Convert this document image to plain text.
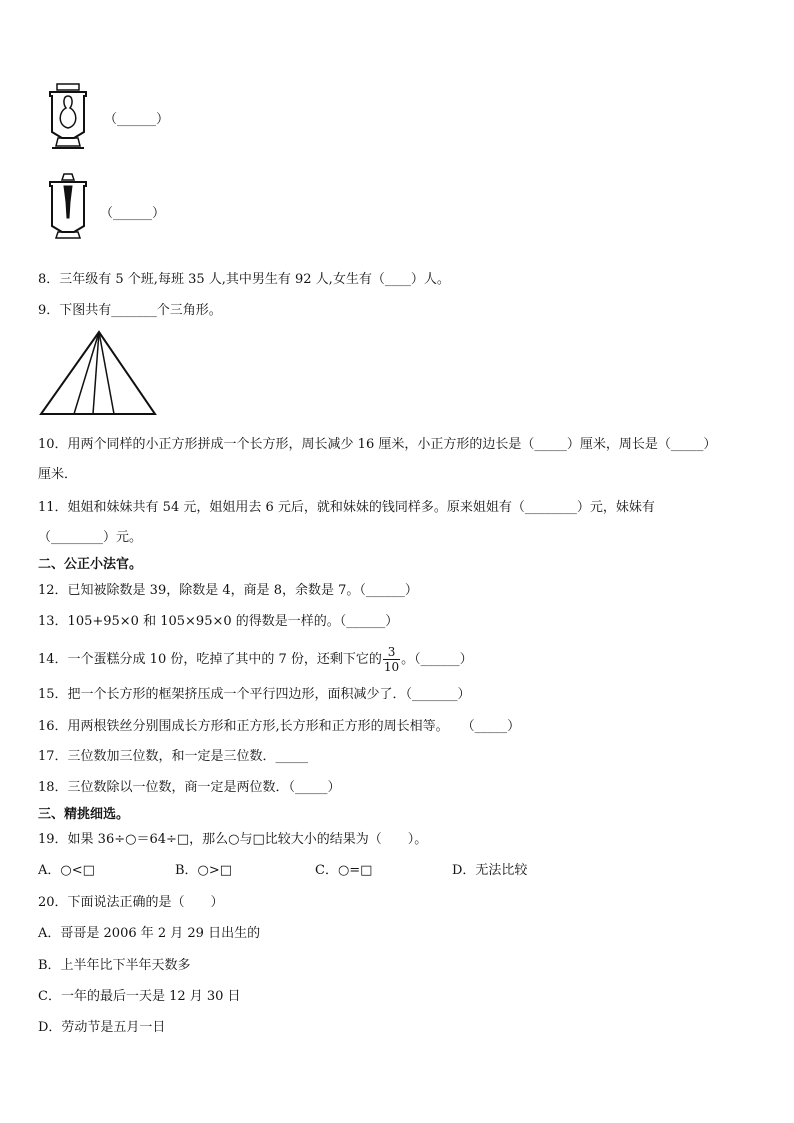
（______）
（______）
8．三年级有 5 个班,每班 35 人,其中男生有 92 人,女生有（____）人。
9．下图共有_______个三角形。
10．用两个同样的小正方形拼成一个长方形，周长减少 16 厘米，小正方形的边长是（_____）厘米，周长是（_____）
厘米．
11．姐姐和妹妹共有 54 元，姐姐用去 6 元后，就和妹妹的钱同样多。原来姐姐有（________）元，妹妹有
（________）元。
二、公正小法官。
12．已知被除数是 39，除数是 4，商是 8，余数是 7。（______）
13．105+95×0 和 105×95×0 的得数是一样的。（______）
14．一个蛋糕分成 10 份，吃掉了其中的 7 份，还剩下它的 $\frac{3}{10}$ 。（______）
15．把一个长方形的框架挤压成一个平行四边形，面积减少了．（_______）
16．用两根铁丝分别围成长方形和正方形,长方形和正方形的周长相等。　　（_____）
17．三位数加三位数，和一定是三位数．_____
18．三位数除以一位数，商一定是两位数．（_____）
三、精挑细选。
19．如果 36÷○＝64÷□，那么○与□比较大小的结果为（　　）。
A．○<□	B．○>□	C．○=□	D．无法比较
20．下面说法正确的是（　　）
A．哥哥是 2006 年 2 月 29 日出生的
B．上半年比下半年天数多
C．一年的最后一天是 12 月 30 日
D．劳动节是五月一日
